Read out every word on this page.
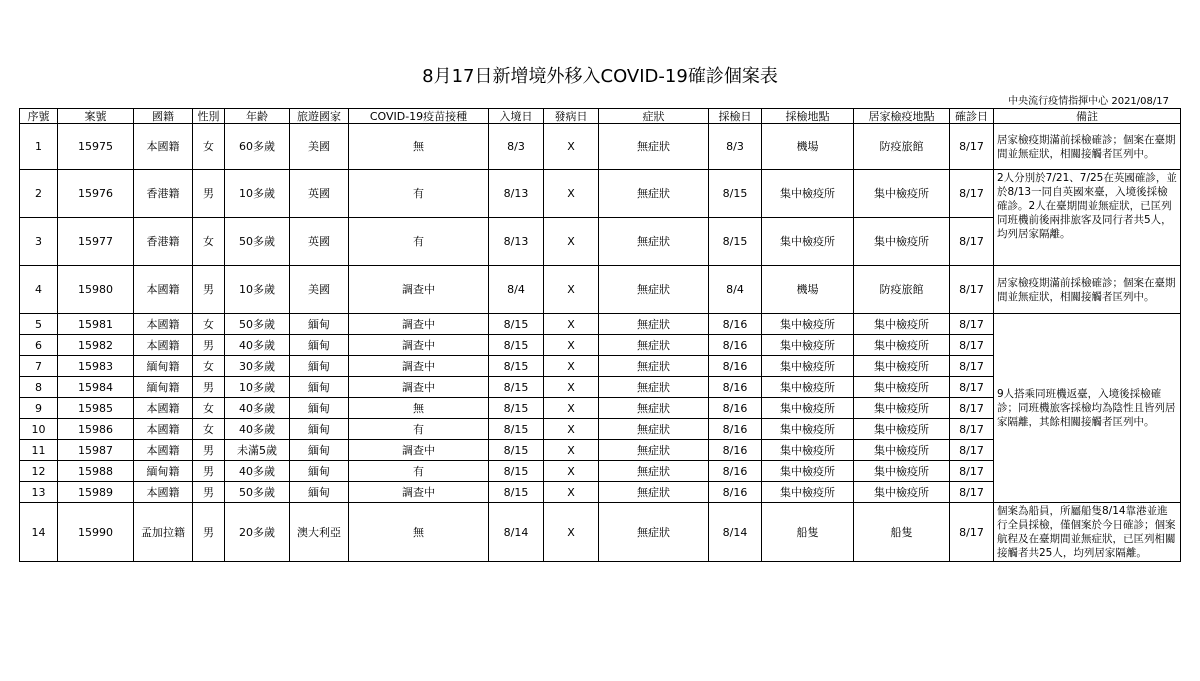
8月17日新增境外移入COVID-19確診個案表
中央流行疫情指揮中心 2021/08/17
序號	案號	國籍	性別	年齡	旅遊國家	COVID-19疫苗接種	入境日	發病日	症狀	採檢日	採檢地點	居家檢疫地點	確診日	備註
1	15975	本國籍	女	60多歲	美國	無	8/3	X	無症狀	8/3	機場	防疫旅館	8/17	居家檢疫期滿前採檢確診；個案在臺期間並無症狀，相關接觸者匡列中。
2	15976	香港籍	男	10多歲	英國	有	8/13	X	無症狀	8/15	集中檢疫所	集中檢疫所	8/17	2人分別於7/21、7/25在英國確診，並於8/13一同自英國來臺，入境後採檢確診。2人在臺期間並無症狀，已匡列同班機前後兩排旅客及同行者共5人，均列居家隔離。
3	15977	香港籍	女	50多歲	英國	有	8/13	X	無症狀	8/15	集中檢疫所	集中檢疫所	8/17	
4	15980	本國籍	男	10多歲	美國	調查中	8/4	X	無症狀	8/4	機場	防疫旅館	8/17	居家檢疫期滿前採檢確診；個案在臺期間並無症狀，相關接觸者匡列中。
5	15981	本國籍	女	50多歲	緬甸	調查中	8/15	X	無症狀	8/16	集中檢疫所	集中檢疫所	8/17	9人搭乘同班機返臺，入境後採檢確診；同班機旅客採檢均為陰性且皆列居家隔離，其餘相關接觸者匡列中。
6	15982	本國籍	男	40多歲	緬甸	調查中	8/15	X	無症狀	8/16	集中檢疫所	集中檢疫所	8/17	
7	15983	緬甸籍	女	30多歲	緬甸	調查中	8/15	X	無症狀	8/16	集中檢疫所	集中檢疫所	8/17	
8	15984	緬甸籍	男	10多歲	緬甸	調查中	8/15	X	無症狀	8/16	集中檢疫所	集中檢疫所	8/17	
9	15985	本國籍	女	40多歲	緬甸	無	8/15	X	無症狀	8/16	集中檢疫所	集中檢疫所	8/17	
10	15986	本國籍	女	40多歲	緬甸	有	8/15	X	無症狀	8/16	集中檢疫所	集中檢疫所	8/17	
11	15987	本國籍	男	未滿5歲	緬甸	調查中	8/15	X	無症狀	8/16	集中檢疫所	集中檢疫所	8/17	
12	15988	緬甸籍	男	40多歲	緬甸	有	8/15	X	無症狀	8/16	集中檢疫所	集中檢疫所	8/17	
13	15989	本國籍	男	50多歲	緬甸	調查中	8/15	X	無症狀	8/16	集中檢疫所	集中檢疫所	8/17	
14	15990	孟加拉籍	男	20多歲	澳大利亞	無	8/14	X	無症狀	8/14	船隻	船隻	8/17	個案為船員，所屬船隻8/14靠港並進行全員採檢，僅個案於今日確診；個案航程及在臺期間並無症狀，已匡列相關接觸者共25人，均列居家隔離。
